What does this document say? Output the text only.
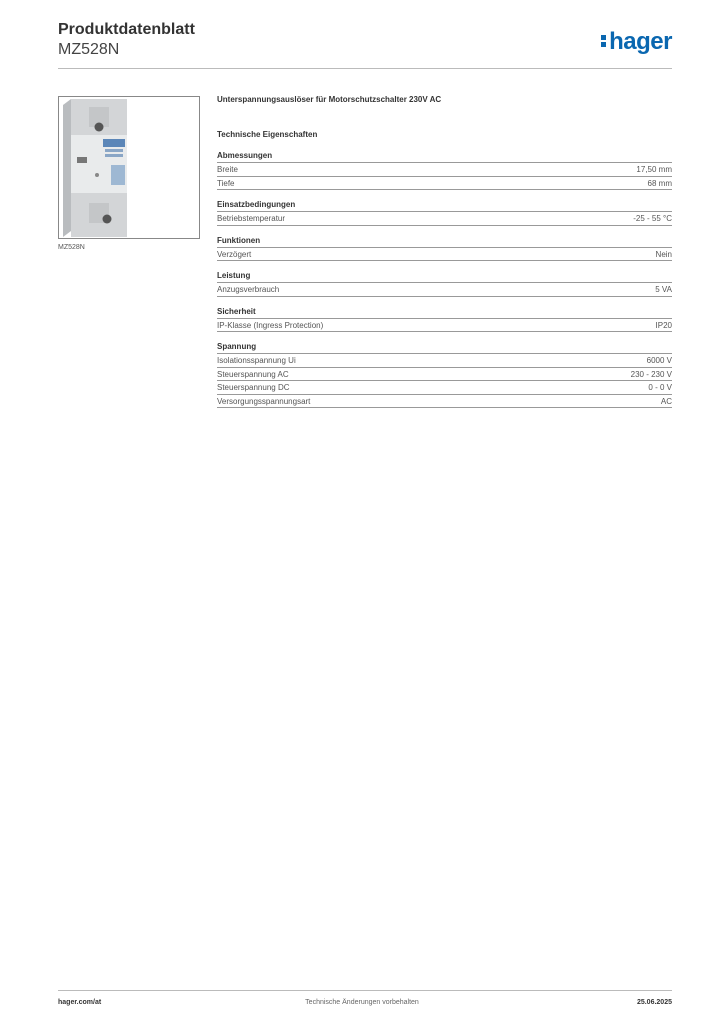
Produktdatenblatt
MZ528N	hager
MZ528N
Unterspannungsauslöser für Motorschutzschalter 230V AC
Technische Eigenschaften
Abmessungen
Breite	17,50 mm
Tiefe	68 mm
Einsatzbedingungen
Betriebstemperatur	-25 - 55 °C
Funktionen
Verzögert	Nein
Leistung
Anzugsverbrauch	5 VA
Sicherheit
IP-Klasse (Ingress Protection)	IP20
Spannung
Isolationsspannung Ui	6000 V
Steuerspannung AC	230 - 230 V
Steuerspannung DC	0 - 0 V
Versorgungsspannungsart	AC
hager.com/at	Technische Änderungen vorbehalten	25.06.2025
